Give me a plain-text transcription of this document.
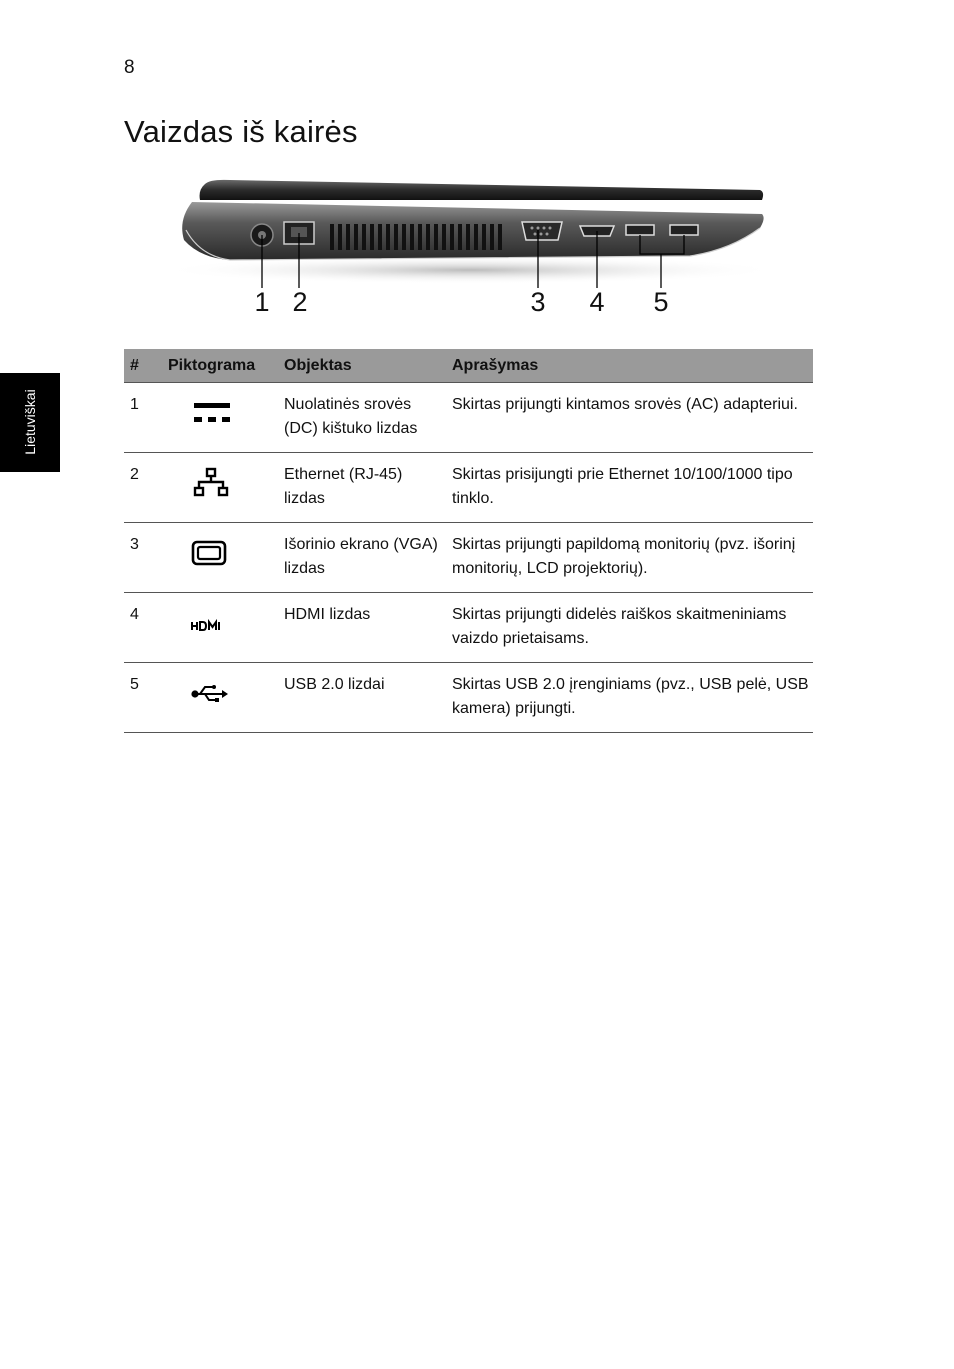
8
Vaizdas iš kairės
Lietuviškai
1 2	3 4 5
#	Piktograma	Objektas	Aprašymas
1		Nuolatinės srovės (DC) kištuko lizdas	Skirtas prijungti kintamos srovės (AC) adapteriui.
2		Ethernet (RJ-45) lizdas	Skirtas prisijungti prie Ethernet 10/100/1000 tipo tinklo.
3		Išorinio ekrano (VGA) lizdas	Skirtas prijungti papildomą monitorių (pvz. išorinį monitorių, LCD projektorių).
4		HDMI lizdas	Skirtas prijungti didelės raiškos skaitmeniniams vaizdo prietaisams.
5		USB 2.0 lizdai	Skirtas USB 2.0 įrenginiams (pvz., USB pelė, USB kamera) prijungti.
